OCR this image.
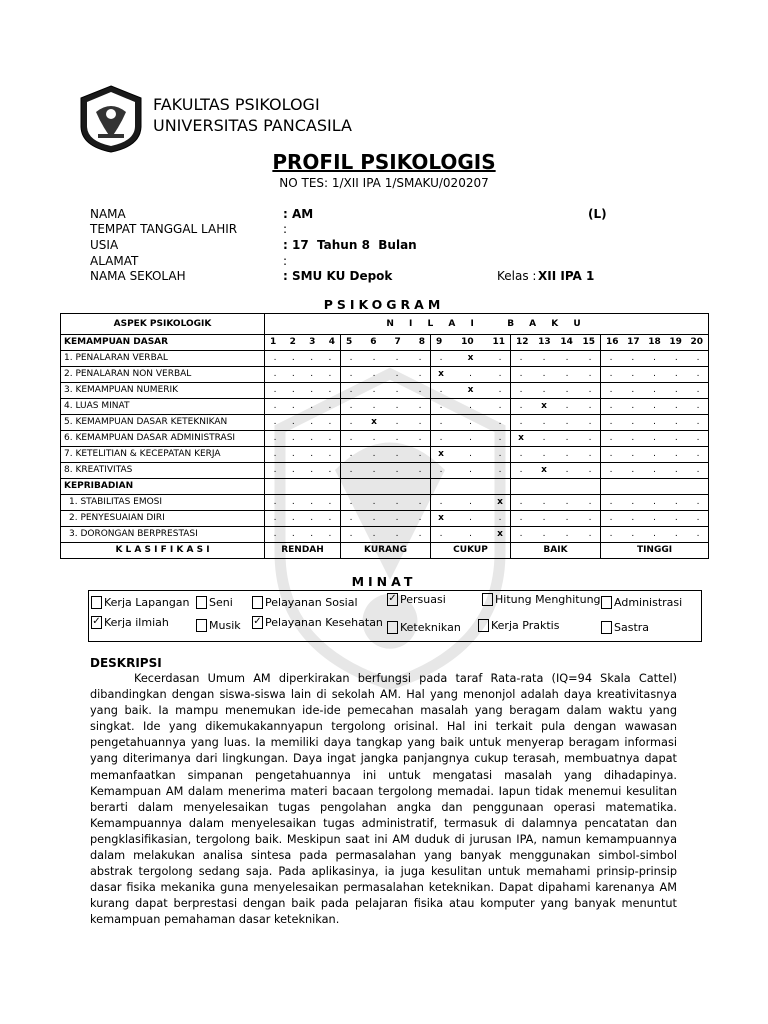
FAKULTAS PSIKOLOGI
UNIVERSITAS PANCASILA
PROFIL PSIKOLOGIS
NO TES: 1/XII IPA 1/SMAKU/020207
NAMA	: AM	(L)
TEMPAT TANGGAL LAHIR	:
USIA	: 17  Tahun 8  Bulan
ALAMAT	:
NAMA SEKOLAH	: SMU KU Depok	Kelas : XII IPA 1
PSIKOGRAM
ASPEK PSIKOLOGIK	N I L A I   B A K U				
KEMAMPUAN DASAR	1 2 3 4	5 6 7 8	9 10 11	12 13 14 15	16 17 18 19 20

1. PENALARAN VERBAL	. . . .	. . . .	. x .	. . . .	. . . . .

2. PENALARAN NON VERBAL	. . . .	. . . .	x . .	. . . .	. . . . .

3. KEMAMPUAN NUMERIK	. . . .	. . . .	. x .	. . . .	. . . . .

4. LUAS MINAT	. . . .	. . . .	. . .	. x . .	. . . . .

5. KEMAMPUAN DASAR KETEKNIKAN	. . . .	. x . .	. . .	. . . .	. . . . .

6. KEMAMPUAN DASAR ADMINISTRASI	. . . .	. . . .	. . .	x . . .	. . . . .

7. KETELITIAN & KECEPATAN KERJA	. . . .	. . . .	x . .	. . . .	. . . . .

8. KREATIVITAS	. . . .	. . . .	. . .	. x . .	. . . . .

KEPRIBADIAN					
1. STABILITAS EMOSI	. . . .	. . . .	. . x	. . . .	. . . . .

2. PENYESUAIAN DIRI	. . . .	. . . .	x . .	. . . .	. . . . .

3. DORONGAN BERPRESTASI	. . . .	. . . .	. . x	. . . .	. . . . .

K L A S I F I K A S I	RENDAH	KURANG	CUKUP	BAIK	TINGGI
MINAT
Kerja Lapangan Seni	Pelayanan Sosial	✓ Persuasi	Hitung Menghitung Administrasi
✓ Kerja ilmiah	Musik ✓ Pelayanan Kesehatan Keteknikan	Kerja Praktis	Sastra
DESKRIPSI
Kecerdasan Umum AM diperkirakan berfungsi pada taraf Rata-rata (IQ=94 Skala Cattel) dibandingkan dengan siswa-siswa lain di sekolah AM. Hal yang menonjol adalah daya kreativitasnya yang baik. Ia mampu menemukan ide-ide pemecahan masalah yang beragam dalam waktu yang singkat. Ide yang dikemukakannyapun tergolong orisinal. Hal ini terkait pula dengan wawasan pengetahuannya yang luas. Ia memiliki daya tangkap yang baik untuk menyerap beragam informasi yang diterimanya dari lingkungan. Daya ingat jangka panjangnya cukup terasah, membuatnya dapat memanfaatkan simpanan pengetahuannya ini untuk mengatasi masalah yang dihadapinya. Kemampuan AM dalam menerima materi bacaan tergolong memadai. Iapun tidak menemui kesulitan berarti dalam menyelesaikan tugas pengolahan angka dan penggunaan operasi matematika. Kemampuannya dalam menyelesaikan tugas administratif, termasuk di dalamnya pencatatan dan pengklasifikasian, tergolong baik. Meskipun saat ini AM duduk di jurusan IPA, namun kemampuannya dalam melakukan analisa sintesa pada permasalahan yang banyak menggunakan simbol-simbol abstrak tergolong sedang saja. Pada aplikasinya, ia juga kesulitan untuk memahami prinsip-prinsip dasar fisika mekanika guna menyelesaikan permasalahan keteknikan. Dapat dipahami karenanya AM kurang dapat berprestasi dengan baik pada pelajaran fisika atau komputer yang banyak menuntut kemampuan pemahaman dasar keteknikan.
